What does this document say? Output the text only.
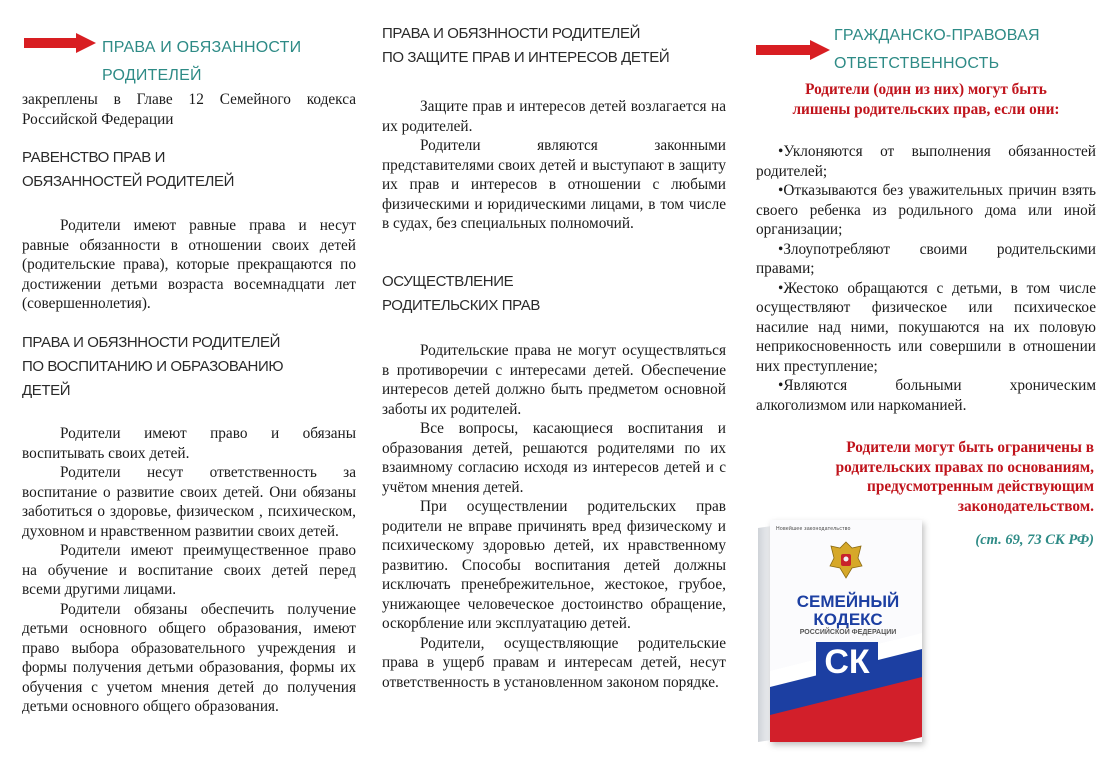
ПРАВА И ОБЯЗАННОСТИ
РОДИТЕЛЕЙ

закреплены в Главе 12 Семейного кодекса Российской Федерации

РАВЕНСТВО ПРАВ И
ОБЯЗАННОСТЕЙ РОДИТЕЛЕЙ

Родители имеют равные права и несут равные обязанности в отношении своих детей (родительские права), которые прекращаются по достижении детьми возраста восемнадцати лет (совершеннолетия).

ПРАВА И ОБЯЗННОСТИ РОДИТЕЛЕЙ
ПО ВОСПИТАНИЮ И ОБРАЗОВАНИЮ
ДЕТЕЙ

Родители имеют право и обязаны воспитывать своих детей.

Родители несут ответственность за воспитание о развитие своих детей. Они обязаны заботиться о здоровье, физическом , психическом, духовном и нравственном развитии своих детей.

Родители имеют преимущественное право на обучение и воспитание своих детей перед всеми другими лицами.

Родители обязаны обеспечить получение детьми основного общего образования, имеют право выбора образовательного учреждения и формы получения детьми образования, формы их обучения с учетом мнения детей до получения детьми основного общего образования.

ПРАВА И ОБЯЗННОСТИ РОДИТЕЛЕЙ
ПО ЗАЩИТЕ ПРАВ И ИНТЕРЕСОВ ДЕТЕЙ

Защите прав и интересов детей возлагается на их родителей.

Родители являются законными представителями своих детей и выступают в защиту их прав и интересов в отношении с любыми физическими и юридическими лицами, в том числе в судах, без специальных полномочий.

ОСУЩЕСТВЛЕНИЕ
РОДИТЕЛЬСКИХ ПРАВ

Родительские права не могут осуществляться в противоречии с интересами детей. Обеспечение интересов детей должно быть предметом основной заботы их родителей.

Все вопросы, касающиеся воспитания и образования детей, решаются родителями по их взаимному согласию исходя из интересов детей и с учётом мнения детей.

При осуществлении родительских прав родители не вправе причинять вред физическому и психическому здоровью детей, их нравственному развитию. Способы воспитания детей должны исключать пренебрежительное, жестокое, грубое, унижающее человеческое достоинство обращение, оскорбление или эксплуатацию детей.

Родители, осуществляющие родительские права в ущерб правам и интересам детей, несут ответственность в установленном законом порядке.

ГРАЖДАНСКО-ПРАВОВАЯ
ОТВЕТСТВЕННОСТЬ

Родители (один из них) могут быть лишены родительских прав, если они:

•Уклоняются от выполнения обязанностей родителей;

•Отказываются без уважительных причин взять своего ребенка из родильного дома или иной организации;

•Злоупотребляют своими родительскими правами;

•Жестоко обращаются с детьми, в том числе осуществляют физическое или психическое насилие над ними, покушаются на их половую неприкосновенность или совершили в отношении них преступление;

•Являются больными хроническим алкоголизмом или наркоманией.

Родители могут быть ограничены в родительских правах по основаниям, предусмотренным действующим законодательством.

(ст. 69, 73 СК РФ)

Новейшее законодательство
СЕМЕЙНЫЙ
КОДЕКС
РОССИЙСКОЙ ФЕДЕРАЦИИ
СК
